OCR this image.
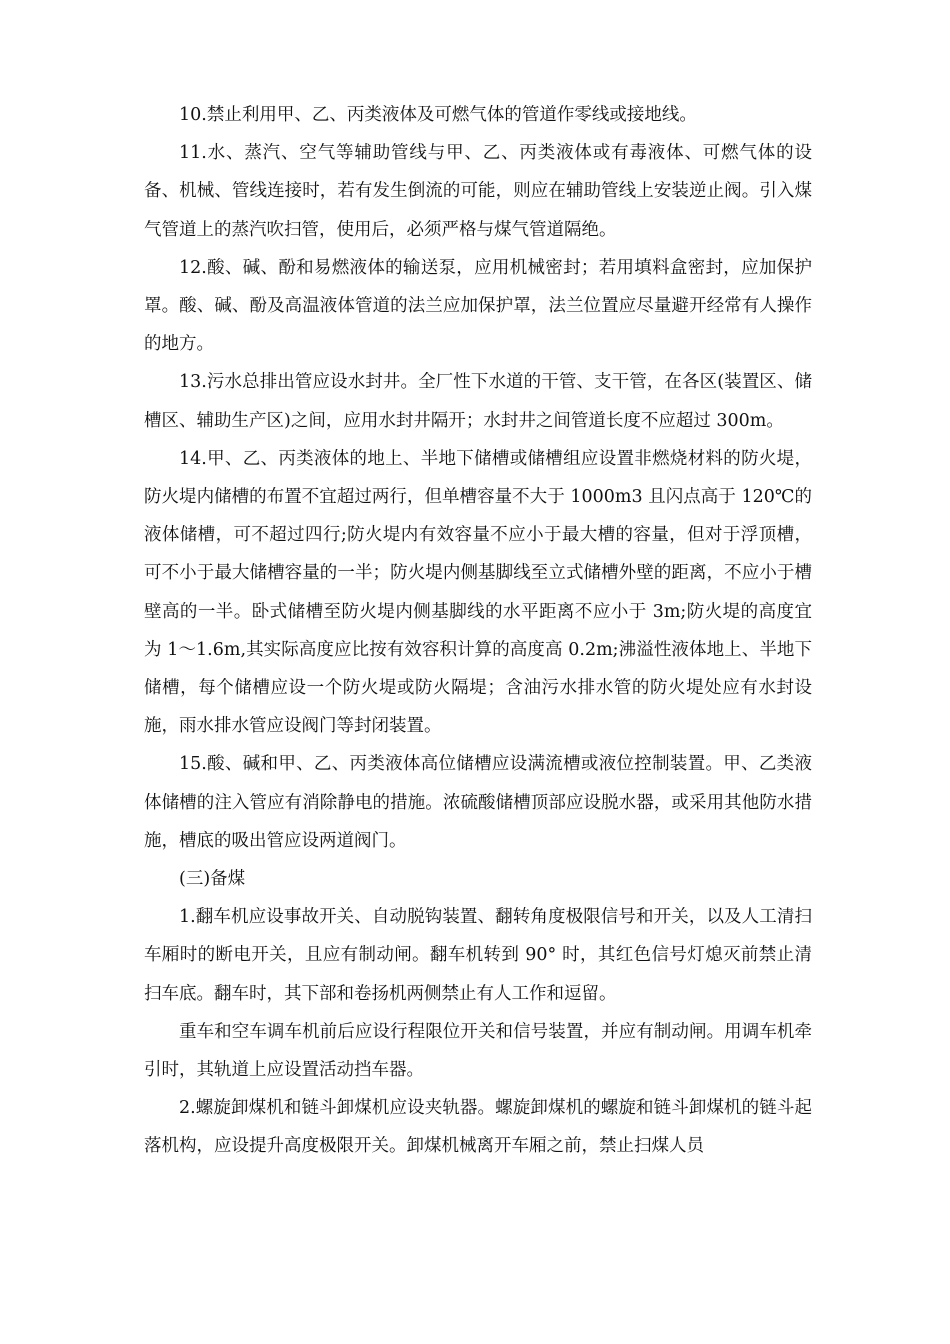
10.禁止利用甲、乙、丙类液体及可燃气体的管道作零线或接地线。

11.水、蒸汽、空气等辅助管线与甲、乙、丙类液体或有毒液体、可燃气体的设备、机械、管线连接时，若有发生倒流的可能，则应在辅助管线上安装逆止阀。引入煤气管道上的蒸汽吹扫管，使用后，必须严格与煤气管道隔绝。

12.酸、碱、酚和易燃液体的输送泵，应用机械密封；若用填料盒密封，应加保护罩。酸、碱、酚及高温液体管道的法兰应加保护罩，法兰位置应尽量避开经常有人操作的地方。

13.污水总排出管应设水封井。全厂性下水道的干管、支干管，在各区(装置区、储槽区、辅助生产区)之间，应用水封井隔开；水封井之间管道长度不应超过 300m。

14.甲、乙、丙类液体的地上、半地下储槽或储槽组应设置非燃烧材料的防火堤，防火堤内储槽的布置不宜超过两行，但单槽容量不大于 1000m3 且闪点高于 120℃的液体储槽，可不超过四行;防火堤内有效容量不应小于最大槽的容量，但对于浮顶槽，可不小于最大储槽容量的一半；防火堤内侧基脚线至立式储槽外壁的距离，不应小于槽壁高的一半。卧式储槽至防火堤内侧基脚线的水平距离不应小于 3m;防火堤的高度宜为 1～1.6m,其实际高度应比按有效容积计算的高度高 0.2m;沸溢性液体地上、半地下储槽，每个储槽应设一个防火堤或防火隔堤；含油污水排水管的防火堤处应有水封设施，雨水排水管应设阀门等封闭装置。

15.酸、碱和甲、乙、丙类液体高位储槽应设满流槽或液位控制装置。甲、乙类液体储槽的注入管应有消除静电的措施。浓硫酸储槽顶部应设脱水器，或采用其他防水措施，槽底的吸出管应设两道阀门。

(三)备煤

1.翻车机应设事故开关、自动脱钩装置、翻转角度极限信号和开关，以及人工清扫车厢时的断电开关，且应有制动闸。翻车机转到 90° 时，其红色信号灯熄灭前禁止清扫车底。翻车时，其下部和卷扬机两侧禁止有人工作和逗留。

重车和空车调车机前后应设行程限位开关和信号装置，并应有制动闸。用调车机牵引时，其轨道上应设置活动挡车器。

2.螺旋卸煤机和链斗卸煤机应设夹轨器。螺旋卸煤机的螺旋和链斗卸煤机的链斗起落机构，应设提升高度极限开关。卸煤机械离开车厢之前，禁止扫煤人员
